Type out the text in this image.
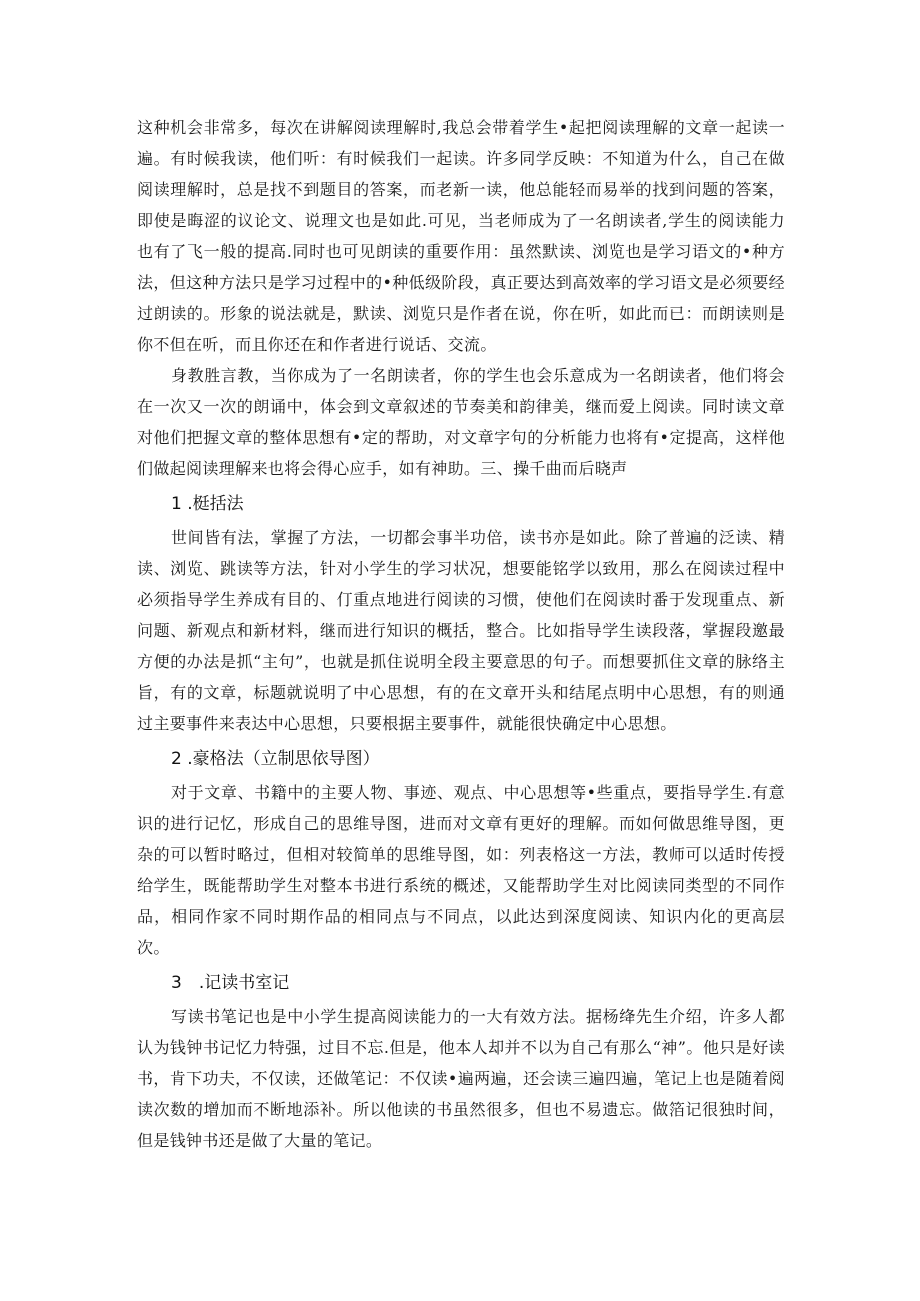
这种机会非常多，每次在讲解阅读理解时,我总会带着学生•起把阅读理解的文章一起读一遍。有时候我读，他们听：有时候我们一起读。许多同学反映：不知道为什么，自己在做阅读理解时，总是找不到题目的答案，而老新一读，他总能轻而易举的找到问题的答案，即使是晦涩的议论文、说理文也是如此.可见，当老师成为了一名朗读者,学生的阅读能力也有了飞一般的提高.同时也可见朗读的重要作用：虽然默读、浏览也是学习语文的•种方法，但这种方法只是学习过程中的•种低级阶段，真正要达到高效率的学习语文是必须要经过朗读的。形象的说法就是，默读、浏览只是作者在说，你在听，如此而已：而朗读则是你不但在听，而且你还在和作者进行说话、交流。

身教胜言教，当你成为了一名朗读者，你的学生也会乐意成为一名朗读者，他们将会在一次又一次的朗诵中，体会到文章叙述的节奏美和韵律美，继而爱上阅读。同时读文章对他们把握文章的整体思想有•定的帮助，对文章字句的分析能力也将有•定提高，这样他们做起阅读理解来也将会得心应手，如有神助。三、操千曲而后晓声

1 .梃括法

世间皆有法，掌握了方法，一切都会事半功倍，读书亦是如此。除了普遍的泛读、精读、浏览、跳读等方法，针对小学生的学习状况，想要能铭学以致用，那么在阅读过程中必须指导学生养成有目的、仃重点地进行阅读的习惯，使他们在阅读时番于发现重点、新问题、新观点和新材料，继而进行知识的概括，整合。比如指导学生读段落，掌握段邀最方便的办法是抓“主句”，也就是抓住说明全段主要意思的句子。而想要抓住文章的脉络主旨，有的文章，标题就说明了中心思想，有的在文章开头和结尾点明中心思想，有的则通过主要事件来表达中心思想，只要根据主要事件，就能很快确定中心思想。

2 .豪格法（立制思依导图）

对于文章、书籍中的主要人物、事迹、观点、中心思想等•些重点，要指导学生.有意识的进行记忆，形成自己的思维导图，进而对文章有更好的理解。而如何做思维导图，更杂的可以暂时略过，但相对较简单的思维导图，如：列表格这一方法，教师可以适时传授给学生，既能帮助学生对整本书进行系统的概述，又能帮助学生对比阅读同类型的不同作品，相同作家不同时期作品的相同点与不同点，以此达到深度阅读、知识内化的更高层次。

3　.记读书室记

写读书笔记也是中小学生提高阅读能力的一大有效方法。据杨绛先生介绍，许多人都认为钱钟书记忆力特强，过目不忘.但是，他本人却并不以为自己有那么“神”。他只是好读书，肯下功夫，不仅读，还做笔记：不仅读•遍两遍，还会读三遍四遍，笔记上也是随着阅读次数的增加而不断地添补。所以他读的书虽然很多，但也不易遗忘。做箔记很独时间，但是钱钟书还是做了大量的笔记。
